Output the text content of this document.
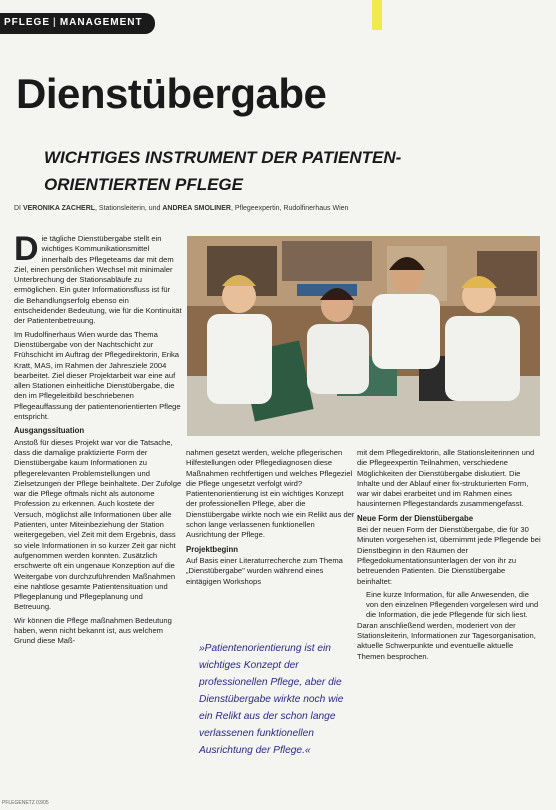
PFLEGE | MANAGEMENT
Dienstübergabe
WICHTIGES INSTRUMENT DER PATIENTEN-ORIENTIERTEN PFLEGE
DI VERONIKA ZACHERL, Stationsleiterin, und ANDREA SMOLINER, Pflegeexpertin, Rudolfinerhaus Wien

Die tägliche Dienstübergabe stellt ein wichtiges Kommunikationsmittel innerhalb des Pflegeteams dar mit dem Ziel, einen persönlichen Wechsel mit minimaler Unterbrechung der Stationsabläufe zu ermöglichen. Ein guter Informationsfluss ist für die Behandlungserfolg ebenso ein entscheidender Bedeutung, wie für die Kontinuität der Patientenbetreuung.

Im Rudolfinerhaus Wien wurde das Thema Dienstübergabe von der Nachtschicht zur Frühschicht im Auftrag der Pflegedirektorin, Erika Kratt, MAS, im Rahmen der Jahresziele 2004 bearbeitet. Ziel dieser Projektarbeit war eine auf allen Stationen einheitliche Dienstübergabe, die den im Pflegeleitbild beschriebenen Pflegeauffassung der patientenorientierten Pflege entspricht.

Ausgangssituation

Anstoß für dieses Projekt war vor die Tatsache, dass die damalige praktizierte Form der Dienstübergabe kaum Informationen zu pflegerelevanten Problemstellungen und Zielsetzungen der Pflege beinhaltete. Der Zufolge war die Pflege oftmals nicht als autonome Profession zu erkennen. Auch kostete der Versuch, möglichst alle Informationen über alle Patienten, unter Miteinbeziehung der Station weitergegeben, viel Zeit mit dem Ergebnis, dass so viele Informationen in so kurzer Zeit gar nicht aufgenommen werden konnten. Zusätzlich erschwerte oft ein ungenaue Konzeption auf die Weitergabe von durchzuführenden Maßnahmen eine nahtlose gesamte Patientensituation und Pflegeplanung und Pflegeplanung und Betreuung.

Wir können die Pflege maßnahmen Bedeutung haben, wenn nicht bekannt ist, aus welchem Grund diese Maß-

nahmen gesetzt werden, welche pflegerischen Hilfestellungen oder Pflegediagnosen diese Maßnahmen rechtfertigen und welches Pflegeziel die Pflege ungesetzt verfolgt wird? Patientenorientierung ist ein wichtiges Konzept der professionellen Pflege, aber die Dienstübergabe wirkte noch wie ein Relikt aus der schon lange verlassenen funktionellen Ausrichtung der Pflege.

Projektbeginn

Auf Basis einer Literaturrecherche zum Thema „Dienstübergabe" wurden während eines eintägigen Workshops

»Patientenorientierung ist ein wichtiges Konzept der professionellen Pflege, aber die Dienstübergabe wirkte noch wie ein Relikt aus der schon lange verlassenen funktionellen Ausrichtung der Pflege.«

mit dem Pflegedirektorin, alle Stationsleiterinnen und die Pflegeexpertin Teilnahmen, verschiedene Möglichkeiten der Dienstübergabe diskutiert. Die Inhalte und der Ablauf einer fix-strukturierten Form, war wir dabei erarbeitet und im Rahmen eines hausinternen Pflegestandards zusammengefasst.

Neue Form der Dienstübergabe

Bei der neuen Form der Dienstübergabe, die für 30 Minuten vorgesehen ist, übernimmt jede Pflegende bei Dienstbeginn in den Räumen der Pflegedokumentationsunterlagen der von ihr zu betreuenden Patienten. Die Dienstübergabe beinhaltet:

• Eine kurze Information, für alle Anwesenden, die von den einzelnen Pflegenden vorgelesen wird und
• die Information, die jede Pflegende für sich liest.

Daran anschließend werden, moderiert von der Stationsleiterin, Informationen zur Tagesorganisation, aktuelle Schwerpunkte und eventuelle aktuelle Themen besprochen.

PFLEGENETZ 03/05
